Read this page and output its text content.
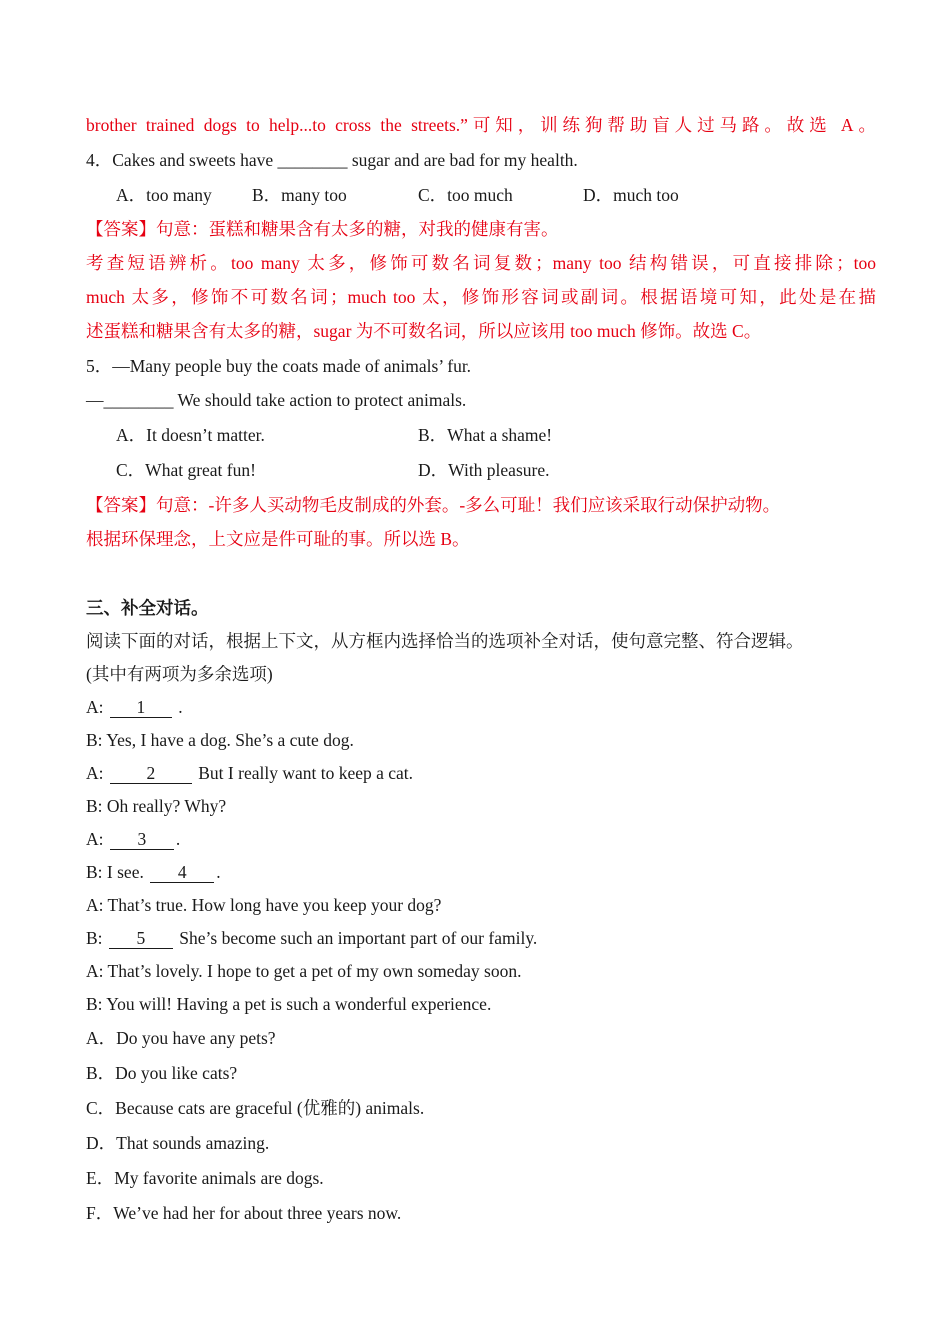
brother trained dogs to help...to cross the streets.”可知，训练狗帮助盲人过马路。故选 A。
4．Cakes and sweets have ________ sugar and are bad for my health.
A．too many B．many too	C．too much	D．much too
【答案】句意：蛋糕和糖果含有太多的糖，对我的健康有害。
考查短语辨析。too many 太多，修饰可数名词复数；many too 结构错误，可直接排除；too
much 太多，修饰不可数名词；much too 太，修饰形容词或副词。根据语境可知，此处是在描
述蛋糕和糖果含有太多的糖，sugar 为不可数名词，所以应该用 too much 修饰。故选 C。
5．—Many people buy the coats made of animals’ fur.
—________ We should take action to protect animals.
A．It doesn’t matter.	B．What a shame!
C．What great fun!	D．With pleasure.
【答案】句意：-许多人买动物毛皮制成的外套。-多么可耻！我们应该采取行动保护动物。
根据环保理念，上文应是件可耻的事。所以选 B。
三、补全对话。
阅读下面的对话，根据上下文，从方框内选择恰当的选项补全对话，使句意完整、符合逻辑。
(其中有两项为多余选项)
A: 1 .
B: Yes, I have a dog. She’s a cute dog.
A: 2 But I really want to keep a cat.
B: Oh really? Why?
A: 3 .
B: I see. 4 .
A: That’s true. How long have you keep your dog?
B: 5 She’s become such an important part of our family.
A: That’s lovely. I hope to get a pet of my own someday soon.
B: You will! Having a pet is such a wonderful experience.
A．Do you have any pets?
B．Do you like cats?
C．Because cats are graceful (优雅的) animals.
D．That sounds amazing.
E．My favorite animals are dogs.
F．We’ve had her for about three years now.
